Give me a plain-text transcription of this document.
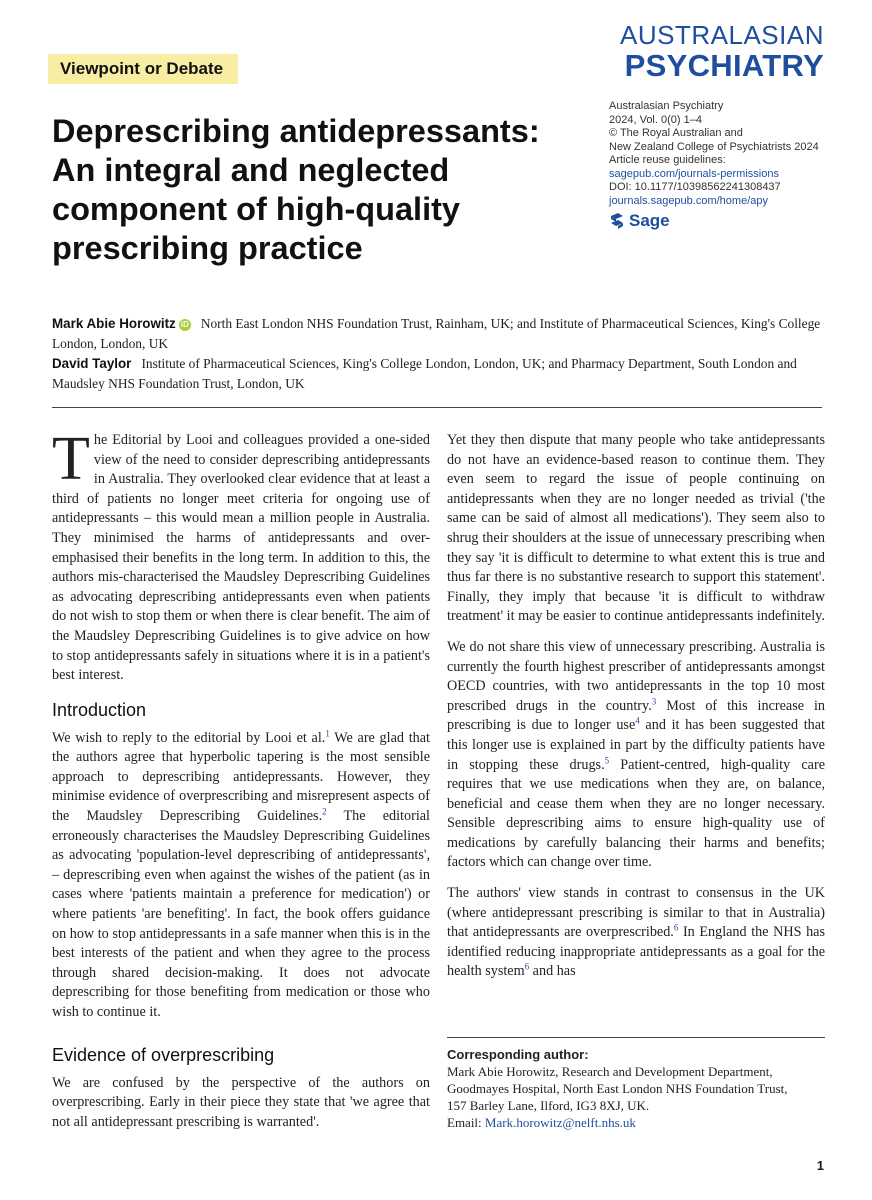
Viewpoint or Debate
AUSTRALASIAN
PSYCHIATRY
Deprescribing antidepressants:
An integral and neglected
component of high-quality
prescribing practice
Australasian Psychiatry
2024, Vol. 0(0) 1–4
© The Royal Australian and
New Zealand College of Psychiatrists 2024
Article reuse guidelines:
sagepub.com/journals-permissions
DOI: 10.1177/10398562241308437
journals.sagepub.com/home/apy
Sage
Mark Abie Horowitz iD North East London NHS Foundation Trust, Rainham, UK; and Institute of Pharmaceutical Sciences, King's College London, London, UK
David Taylor Institute of Pharmaceutical Sciences, King's College London, London, UK; and Pharmacy Department, South London and Maudsley NHS Foundation Trust, London, UK
The Editorial by Looi and colleagues provided a one-sided view of the need to consider deprescribing antidepressants in Australia. They overlooked clear evidence that at least a third of patients no longer meet criteria for ongoing use of antidepressants – this would mean a million people in Australia. They minimised the harms of antidepressants and over-emphasised their benefits in the long term. In addition to this, the authors mis-characterised the Maudsley Deprescribing Guidelines as advocating deprescribing antidepressants even when patients do not wish to stop them or when there is clear benefit. The aim of the Maudsley Deprescribing Guidelines is to give advice on how to stop antidepressants safely in situations where it is in a patient's best interest.
Introduction

We wish to reply to the editorial by Looi et al.$^1$ We are glad that the authors agree that hyperbolic tapering is the most sensible approach to deprescribing antidepressants. However, they minimise evidence of overprescribing and misrepresent aspects of the Maudsley Deprescribing Guidelines.$^2$ The editorial erroneously characterises the Maudsley Deprescribing Guidelines as advocating 'population-level deprescribing of antidepressants', – deprescribing even when against the wishes of the patient (as in cases where 'patients maintain a preference for medication') or where patients 'are benefiting'. In fact, the book offers guidance on how to stop antidepressants in a safe manner when this is in the best interests of the patient and when they agree to the process through shared decision-making. It does not advocate deprescribing for those benefiting from medication or those who wish to continue it.

Evidence of overprescribing

We are confused by the perspective of the authors on overprescribing. Early in their piece they state that 'we agree that not all antidepressant prescribing is warranted'.

Yet they then dispute that many people who take antidepressants do not have an evidence-based reason to continue them. They even seem to regard the issue of people continuing on antidepressants when they are no longer needed as trivial ('the same can be said of almost all medications'). They seem also to shrug their shoulders at the issue of unnecessary prescribing when they say 'it is difficult to determine to what extent this is true and thus far there is no substantive research to support this statement'. Finally, they imply that because 'it is difficult to withdraw treatment' it may be easier to continue antidepressants indefinitely.

We do not share this view of unnecessary prescribing. Australia is currently the fourth highest prescriber of antidepressants amongst OECD countries, with two antidepressants in the top 10 most prescribed drugs in the country.$^3$ Most of this increase in prescribing is due to longer use$^4$ and it has been suggested that this longer use is explained in part by the difficulty patients have in stopping these drugs.$^5$ Patient-centred, high-quality care requires that we use medications when they are, on balance, beneficial and cease them when they are no longer necessary. Sensible deprescribing aims to ensure high-quality use of medications by carefully balancing their harms and benefits; factors which can change over time.

The authors' view stands in contrast to consensus in the UK (where antidepressant prescribing is similar to that in Australia) that antidepressants are overprescribed.$^6$ In England the NHS has identified reducing inappropriate antidepressants as a goal for the health system$^6$ and has

Corresponding author:
Mark Abie Horowitz, Research and Development Department,
Goodmayes Hospital, North East London NHS Foundation Trust,
157 Barley Lane, Ilford, IG3 8XJ, UK.
Email: Mark.horowitz@nelft.nhs.uk
1
